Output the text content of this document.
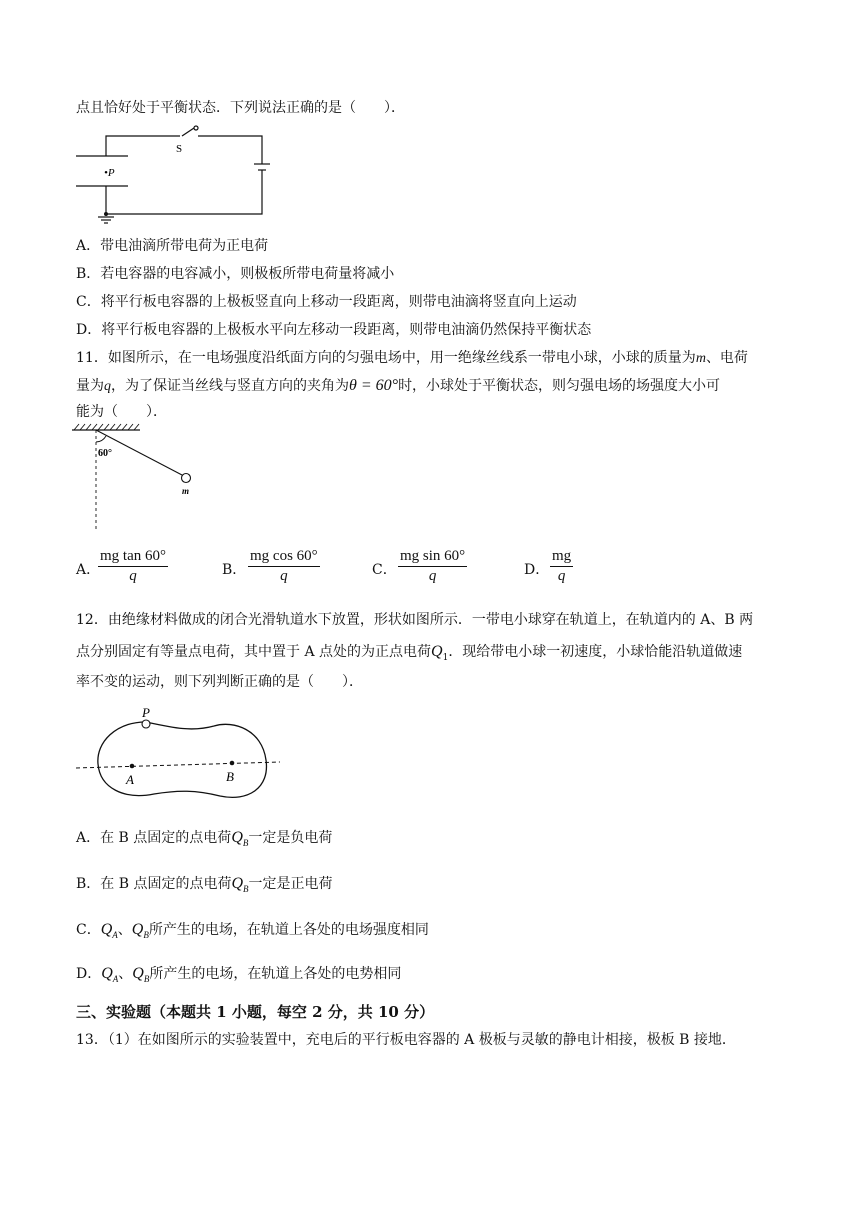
点且恰好处于平衡状态．下列说法正确的是（　　）．
S
•P
A．带电油滴所带电荷为正电荷
B．若电容器的电容减小，则极板所带电荷量将减小
C．将平行板电容器的上极板竖直向上移动一段距离，则带电油滴将竖直向上运动
D．将平行板电容器的上极板水平向左移动一段距离，则带电油滴仍然保持平衡状态
11．如图所示，在一电场强度沿纸面方向的匀强电场中，用一绝缘丝线系一带电小球，小球的质量为m、电荷
量为q，为了保证当丝线与竖直方向的夹角为θ = 60°时，小球处于平衡状态，则匀强电场的场强度大小可
能为（　　）．
60°
m
A．
$\frac{\text{mg tan 60°}}{q}$	B． $\frac{\text{mg cos 60°}}{q}$	C． $\frac{\text{mg sin 60°}}{q}$	D． $\frac{mg}{q}$
12．由绝缘材料做成的闭合光滑轨道水下放置，形状如图所示．一带电小球穿在轨道上，在轨道内的 A、B 两
点分别固定有等量点电荷，其中置于 A 点处的为正点电荷$Q_1$．现给带电小球一初速度，小球恰能沿轨道做速
率不变的运动，则下列判断正确的是（　　）．
P
A	B
A．在 B 点固定的点电荷$Q_B$一定是负电荷
B．在 B 点固定的点电荷$Q_B$一定是正电荷
C．$Q_A$、$Q_B$所产生的电场，在轨道上各处的电场强度相同
D．$Q_A$、$Q_B$所产生的电场，在轨道上各处的电势相同
三、实验题（本题共 1 小题，每空 2 分，共 10 分）
13．（1）在如图所示的实验装置中，充电后的平行板电容器的 A 极板与灵敏的静电计相接，极板 B 接地．
